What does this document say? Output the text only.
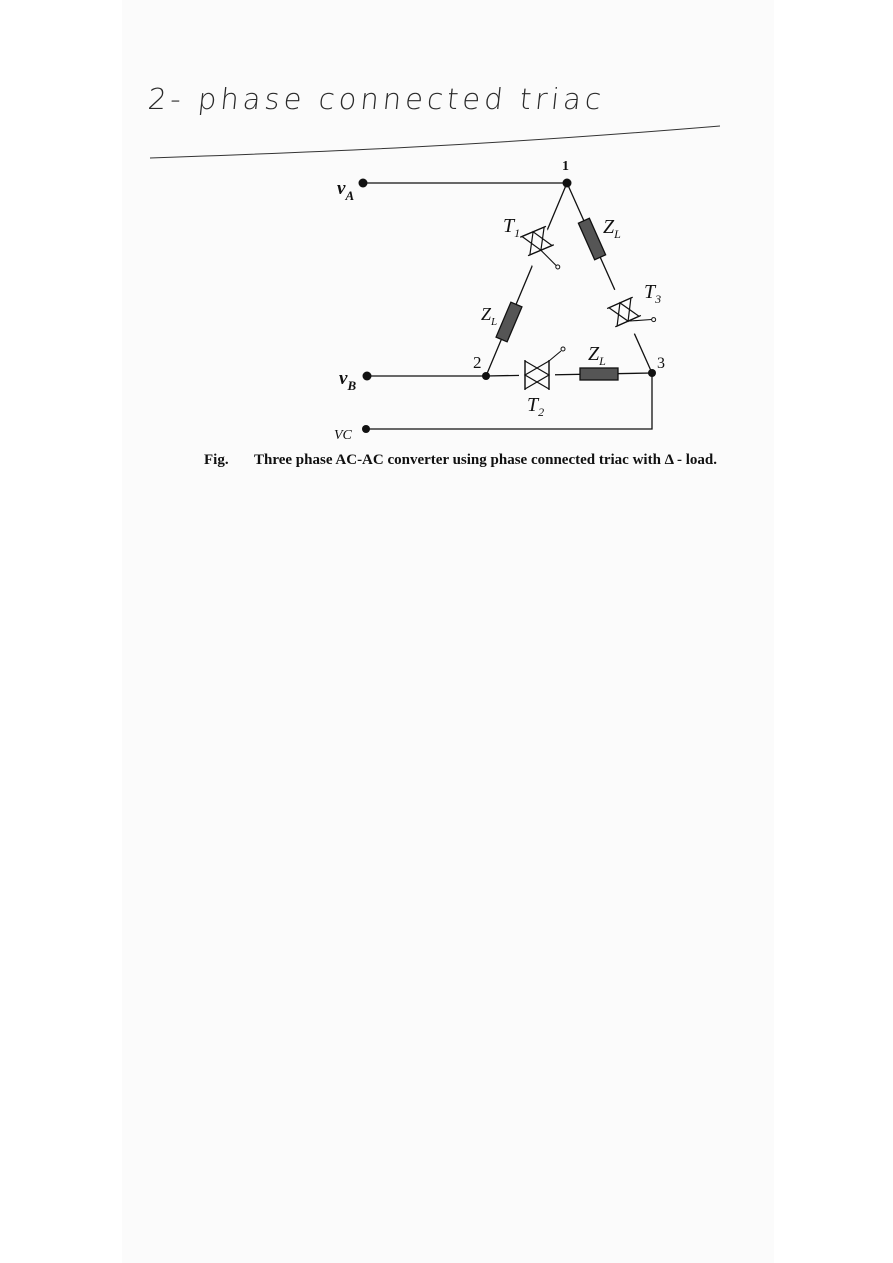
2- phase connected triac
$v_A$
$v_B$
VC
1
2	3
$T_1$
$T_3$
$T_2$
$Z_L$
$Z_L$
$Z_L$
Fig. Three phase AC-AC converter using phase connected triac with Δ - load.
